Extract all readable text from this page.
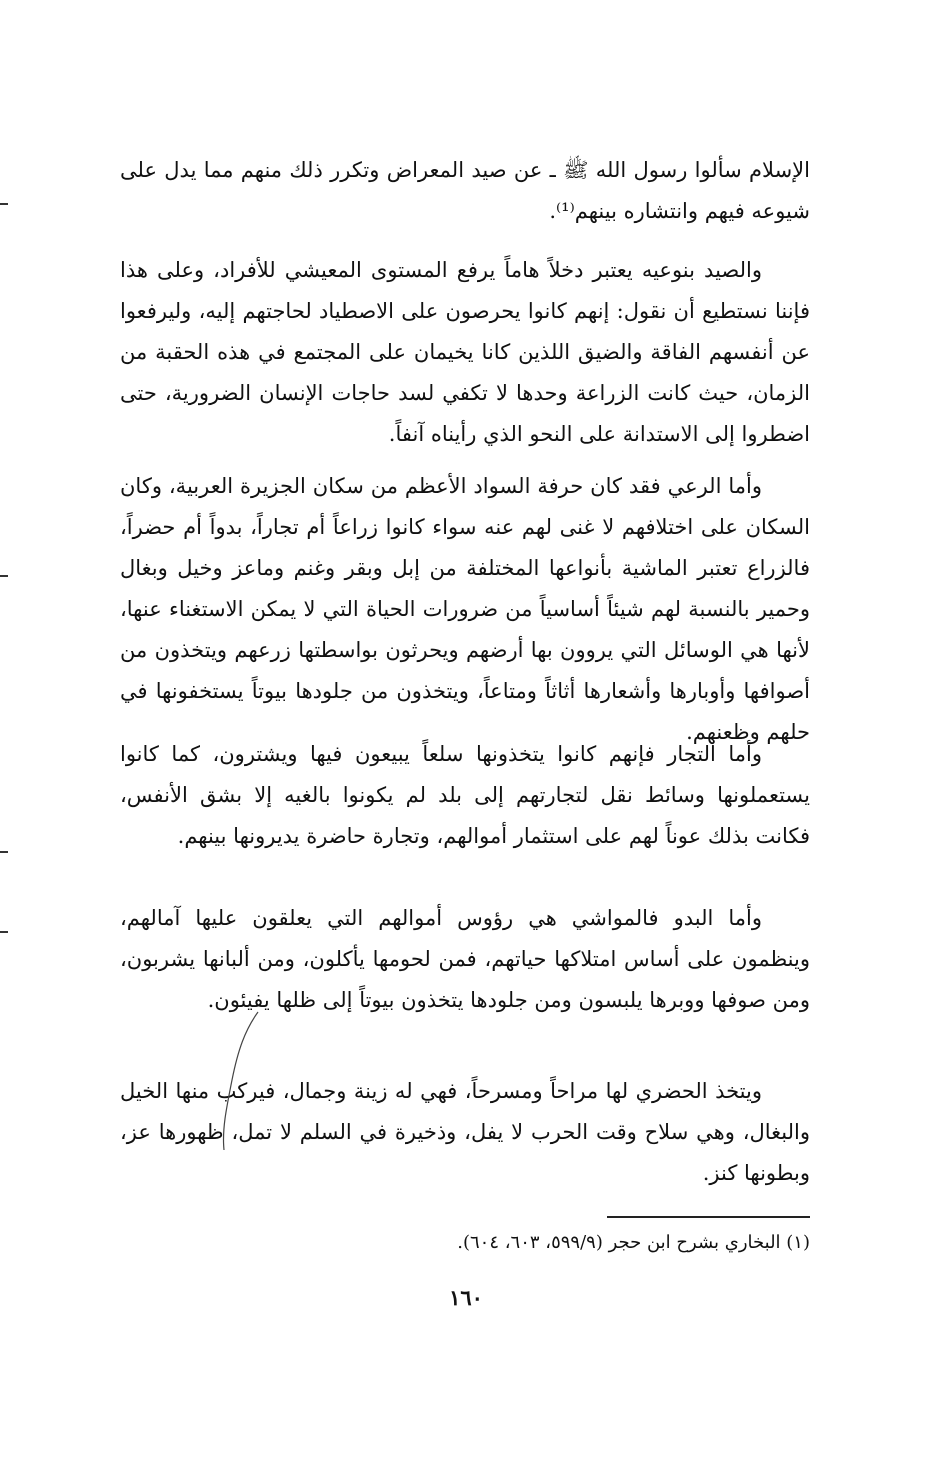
الإسلام سألوا رسول الله ﷺ ـ عن صيد المعراض وتكرر ذلك منهم مما يدل على شيوعه فيهم وانتشاره بينهم⁽¹⁾.

والصيد بنوعيه يعتبر دخلاً هاماً يرفع المستوى المعيشي للأفراد، وعلى هذا فإننا نستطيع أن نقول: إنهم كانوا يحرصون على الاصطياد لحاجتهم إليه، وليرفعوا عن أنفسهم الفاقة والضيق اللذين كانا يخيمان على المجتمع في هذه الحقبة من الزمان، حيث كانت الزراعة وحدها لا تكفي لسد حاجات الإنسان الضرورية، حتى اضطروا إلى الاستدانة على النحو الذي رأيناه آنفاً.

وأما الرعي فقد كان حرفة السواد الأعظم من سكان الجزيرة العربية، وكان السكان على اختلافهم لا غنى لهم عنه سواء كانوا زراعاً أم تجاراً، بدواً أم حضراً، فالزراع تعتبر الماشية بأنواعها المختلفة من إبل وبقر وغنم وماعز وخيل وبغال وحمير بالنسبة لهم شيئاً أساسياً من ضرورات الحياة التي لا يمكن الاستغناء عنها، لأنها هي الوسائل التي يروون بها أرضهم ويحرثون بواسطتها زرعهم ويتخذون من أصوافها وأوبارها وأشعارها أثاثاً ومتاعاً، ويتخذون من جلودها بيوتاً يستخفونها في حلهم وظعنهم.

وأما التجار فإنهم كانوا يتخذونها سلعاً يبيعون فيها ويشترون، كما كانوا يستعملونها وسائط نقل لتجارتهم إلى بلد لم يكونوا بالغيه إلا بشق الأنفس، فكانت بذلك عوناً لهم على استثمار أموالهم، وتجارة حاضرة يديرونها بينهم.

وأما البدو فالمواشي هي رؤوس أموالهم التي يعلقون عليها آمالهم، وينظمون على أساس امتلاكها حياتهم، فمن لحومها يأكلون، ومن ألبانها يشربون، ومن صوفها ووبرها يلبسون ومن جلودها يتخذون بيوتاً إلى ظلها يفيئون.

ويتخذ الحضري لها مراحاً ومسرحاً، فهي له زينة وجمال، فيركب منها الخيل والبغال، وهي سلاح وقت الحرب لا يفل، وذخيرة في السلم لا تمل، ظهورها عز، وبطونها كنز.

(١) البخاري بشرح ابن حجر (٥٩٩/٩، ٦٠٣، ٦٠٤).

١٦٠
